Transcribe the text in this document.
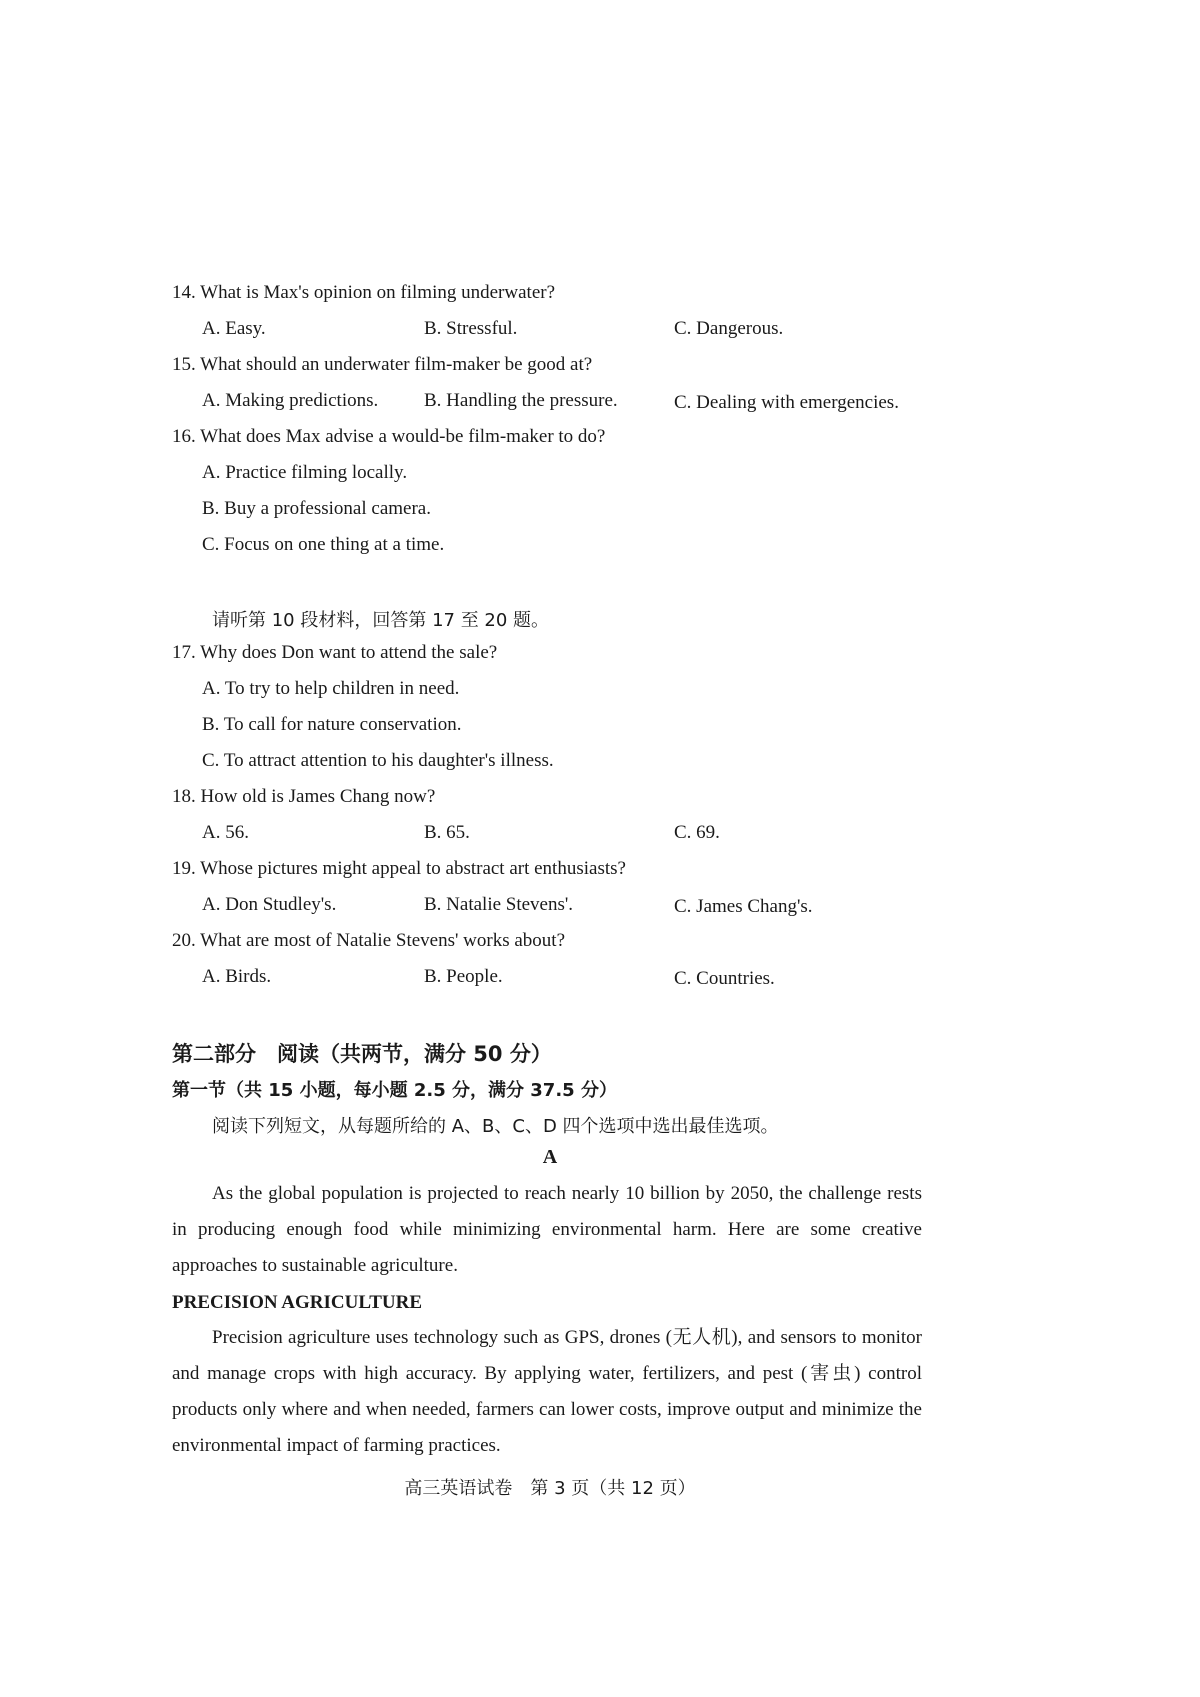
14. What is Max's opinion on filming underwater?
A. Easy.	B. Stressful.	C. Dangerous.
15. What should an underwater film-maker be good at?
A. Making predictions. B. Handling the pressure.	C. Dealing with emergencies.
16. What does Max advise a would-be film-maker to do?
A. Practice filming locally.
B. Buy a professional camera.
C. Focus on one thing at a time.
请听第 10 段材料，回答第 17 至 20 题。
17. Why does Don want to attend the sale?
A. To try to help children in need.
B. To call for nature conservation.
C. To attract attention to his daughter's illness.
18. How old is James Chang now?
A. 56.	B. 65.	C. 69.
19. Whose pictures might appeal to abstract art enthusiasts?
A. Don Studley's.	B. Natalie Stevens'.	C. James Chang's.
20. What are most of Natalie Stevens' works about?
A. Birds.	B. People.	C. Countries.
第二部分　阅读（共两节，满分 50 分）
第一节（共 15 小题，每小题 2.5 分，满分 37.5 分）
阅读下列短文，从每题所给的 A、B、C、D 四个选项中选出最佳选项。
A
As the global population is projected to reach nearly 10 billion by 2050, the challenge rests in producing enough food while minimizing environmental harm. Here are some creative approaches to sustainable agriculture.
PRECISION AGRICULTURE
Precision agriculture uses technology such as GPS, drones (无人机), and sensors to monitor and manage crops with high accuracy. By applying water, fertilizers, and pest (害虫) control products only where and when needed, farmers can lower costs, improve output and minimize the environmental impact of farming practices.
高三英语试卷　第 3 页（共 12 页）
